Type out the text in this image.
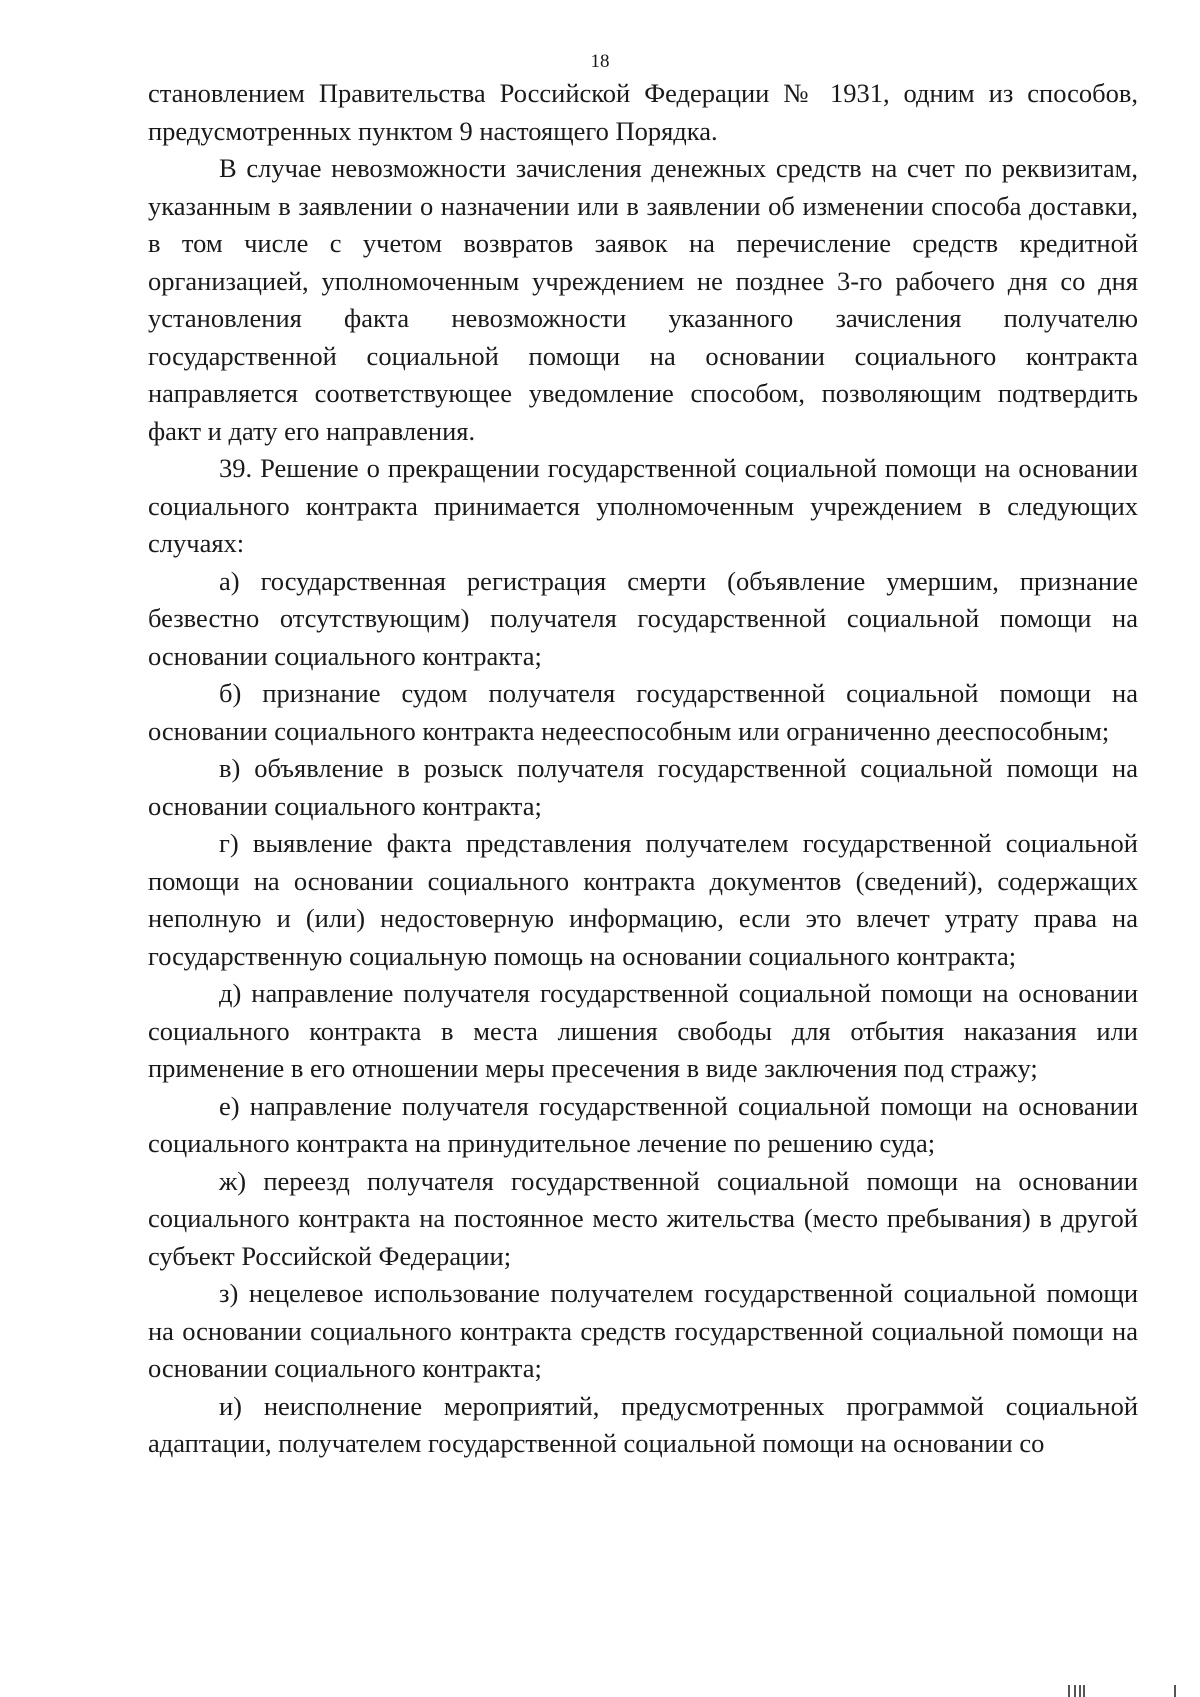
18

становлением Правительства Российской Федерации № 1931, одним из способов, предусмотренных пунктом 9 настоящего Порядка.

В случае невозможности зачисления денежных средств на счет по реквизитам, указанным в заявлении о назначении или в заявлении об изменении способа доставки, в том числе с учетом возвратов заявок на перечисление средств кредитной организацией, уполномоченным учреждением не позднее 3-го рабочего дня со дня установления факта невозможности указанного зачисления получателю государственной социальной помощи на основании социального контракта направляется соответствующее уведомление способом, позволяющим подтвердить факт и дату его направления.

39. Решение о прекращении государственной социальной помощи на основании социального контракта принимается уполномоченным учреждением в следующих случаях:

а) государственная регистрация смерти (объявление умершим, признание безвестно отсутствующим) получателя государственной социальной помощи на основании социального контракта;

б) признание судом получателя государственной социальной помощи на основании социального контракта недееспособным или ограниченно дееспособным;

в) объявление в розыск получателя государственной социальной помощи на основании социального контракта;

г) выявление факта представления получателем государственной социальной помощи на основании социального контракта документов (сведений), содержащих неполную и (или) недостоверную информацию, если это влечет утрату права на государственную социальную помощь на основании социального контракта;

д) направление получателя государственной социальной помощи на основании социального контракта в места лишения свободы для отбытия наказания или применение в его отношении меры пресечения в виде заключения под стражу;

е) направление получателя государственной социальной помощи на основании социального контракта на принудительное лечение по решению суда;

ж) переезд получателя государственной социальной помощи на основании социального контракта на постоянное место жительства (место пребывания) в другой субъект Российской Федерации;

з) нецелевое использование получателем государственной социальной помощи на основании социального контракта средств государственной социальной помощи на основании социального контракта;

и) неисполнение мероприятий, предусмотренных программой социальной адаптации, получателем государственной социальной помощи на основании со
